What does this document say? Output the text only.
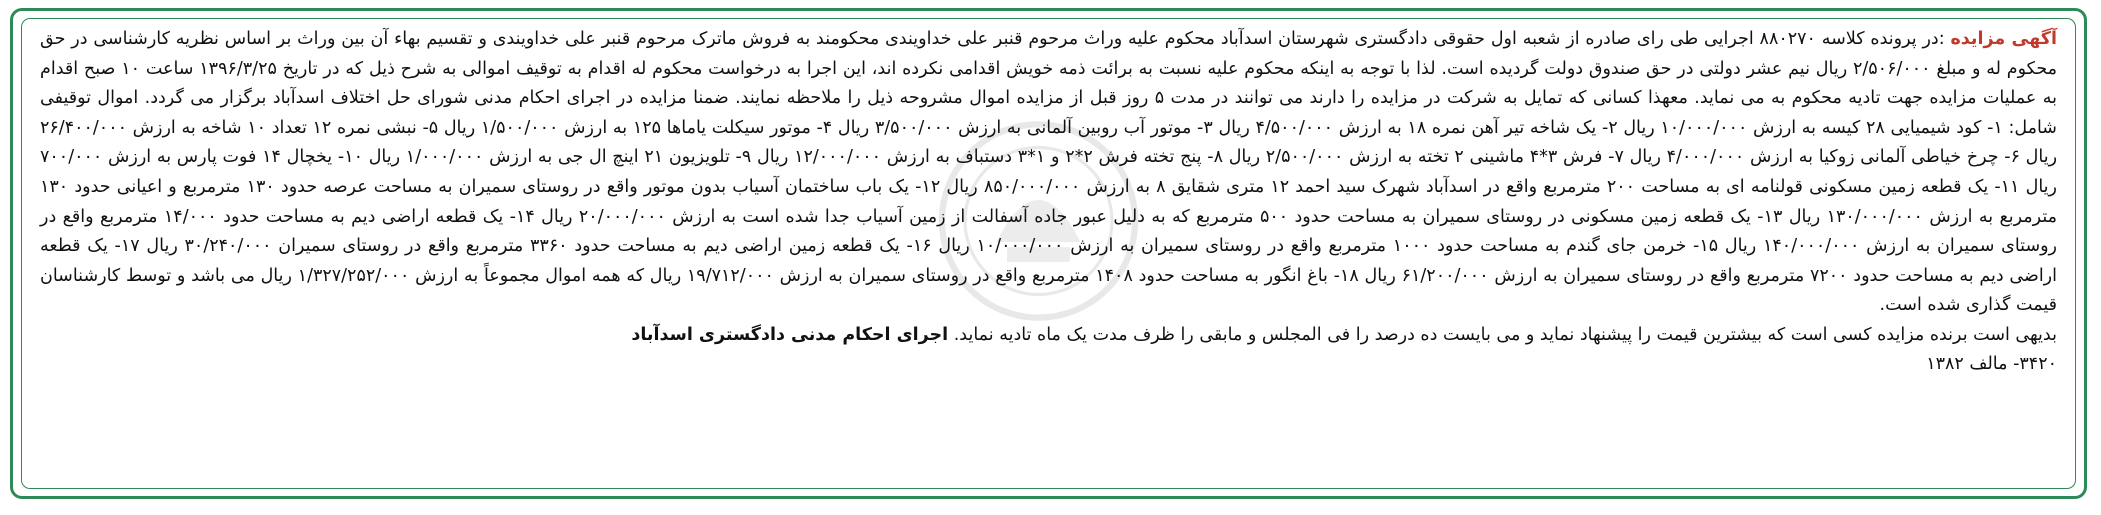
آگهی مزایده :در پرونده کلاسه ۸۸۰۲۷۰ اجرایی طی رای صادره از شعبه اول حقوقی دادگستری شهرستان اسدآباد محکوم علیه وراث مرحوم قنبر علی خداویندی محکومند به فروش ماترک مرحوم قنبر علی خداویندی و تقسیم بهاء آن بین وراث بر اساس نظریه کارشناسی در حق محکوم له و مبلغ ۲/۵۰۶/۰۰۰ ریال نیم عشر دولتی در حق صندوق دولت گردیده است. لذا با توجه به اینکه محکوم علیه نسبت به برائت ذمه خویش اقدامی نکرده اند، این اجرا به درخواست محکوم له اقدام به توقیف اموالی به شرح ذیل که در تاریخ ۱۳۹۶/۳/۲۵ ساعت ۱۰ صبح اقدام به عملیات مزایده جهت تادیه محکوم به می نماید. معهذا کسانی که تمایل به شرکت در مزایده را دارند می توانند در مدت ۵ روز قبل از مزایده اموال مشروحه ذیل را ملاحظه نمایند. ضمنا مزایده در اجرای احکام مدنی شورای حل اختلاف اسدآباد برگزار می گردد. اموال توقیفی شامل: ۱- کود شیمیایی ۲۸ کیسه به ارزش ۱۰/۰۰۰/۰۰۰ ریال ۲- یک شاخه تیر آهن نمره ۱۸ به ارزش ۴/۵۰۰/۰۰۰ ریال ۳- موتور آب روبین آلمانی به ارزش ۳/۵۰۰/۰۰۰ ریال ۴- موتور سیکلت یاماها ۱۲۵ به ارزش ۱/۵۰۰/۰۰۰ ریال ۵- نبشی نمره ۱۲ تعداد ۱۰ شاخه به ارزش ۲۶/۴۰۰/۰۰۰ ریال ۶- چرخ خیاطی آلمانی زوکیا به ارزش ۴/۰۰۰/۰۰۰ ریال ۷- فرش ۳*۴ ماشینی ۲ تخته به ارزش ۲/۵۰۰/۰۰۰ ریال ۸- پنج تخته فرش ۲*۲ و ۱*۳ دستباف به ارزش ۱۲/۰۰۰/۰۰۰ ریال ۹- تلویزیون ۲۱ اینچ ال جی به ارزش ۱/۰۰۰/۰۰۰ ریال ۱۰- یخچال ۱۴ فوت پارس به ارزش ۷۰۰/۰۰۰ ریال ۱۱- یک قطعه زمین مسکونی قولنامه ای به مساحت ۲۰۰ مترمربع واقع در اسدآباد شهرک سید احمد ۱۲ متری شقایق ۸ به ارزش ۸۵۰/۰۰۰/۰۰۰ ریال ۱۲- یک باب ساختمان آسیاب بدون موتور واقع در روستای سمیران به مساحت عرصه حدود ۱۳۰ مترمربع و اعیانی حدود ۱۳۰ مترمربع به ارزش ۱۳۰/۰۰۰/۰۰۰ ریال ۱۳- یک قطعه زمین مسکونی در روستای سمیران به مساحت حدود ۵۰۰ مترمربع که به دلیل عبور جاده آسفالت از زمین آسیاب جدا شده است به ارزش ۲۰/۰۰۰/۰۰۰ ریال ۱۴- یک قطعه اراضی دیم به مساحت حدود ۱۴/۰۰۰ مترمربع واقع در روستای سمیران به ارزش ۱۴۰/۰۰۰/۰۰۰ ریال ۱۵- خرمن جای گندم به مساحت حدود ۱۰۰۰ مترمربع واقع در روستای سمیران به ارزش ۱۰/۰۰۰/۰۰۰ ریال ۱۶- یک قطعه زمین اراضی دیم به مساحت حدود ۳۳۶۰ مترمربع واقع در روستای سمیران ۳۰/۲۴۰/۰۰۰ ریال ۱۷- یک قطعه اراضی دیم به مساحت حدود ۷۲۰۰ مترمربع واقع در روستای سمیران به ارزش ۶۱/۲۰۰/۰۰۰ ریال ۱۸- باغ انگور به مساحت حدود ۱۴۰۸ مترمربع واقع در روستای سمیران به ارزش ۱۹/۷۱۲/۰۰۰ ریال که همه اموال مجموعاً به ارزش ۱/۳۲۷/۲۵۲/۰۰۰ ریال می باشد و توسط کارشناسان قیمت گذاری شده است.

بدیهی است برنده مزایده کسی است که بیشترین قیمت را پیشنهاد نماید و می بایست ده درصد را فی المجلس و مابقی را ظرف مدت یک ماه تادیه نماید. اجرای احکام مدنی دادگستری اسدآباد

۳۴۲۰- مالف ۱۳۸۲
